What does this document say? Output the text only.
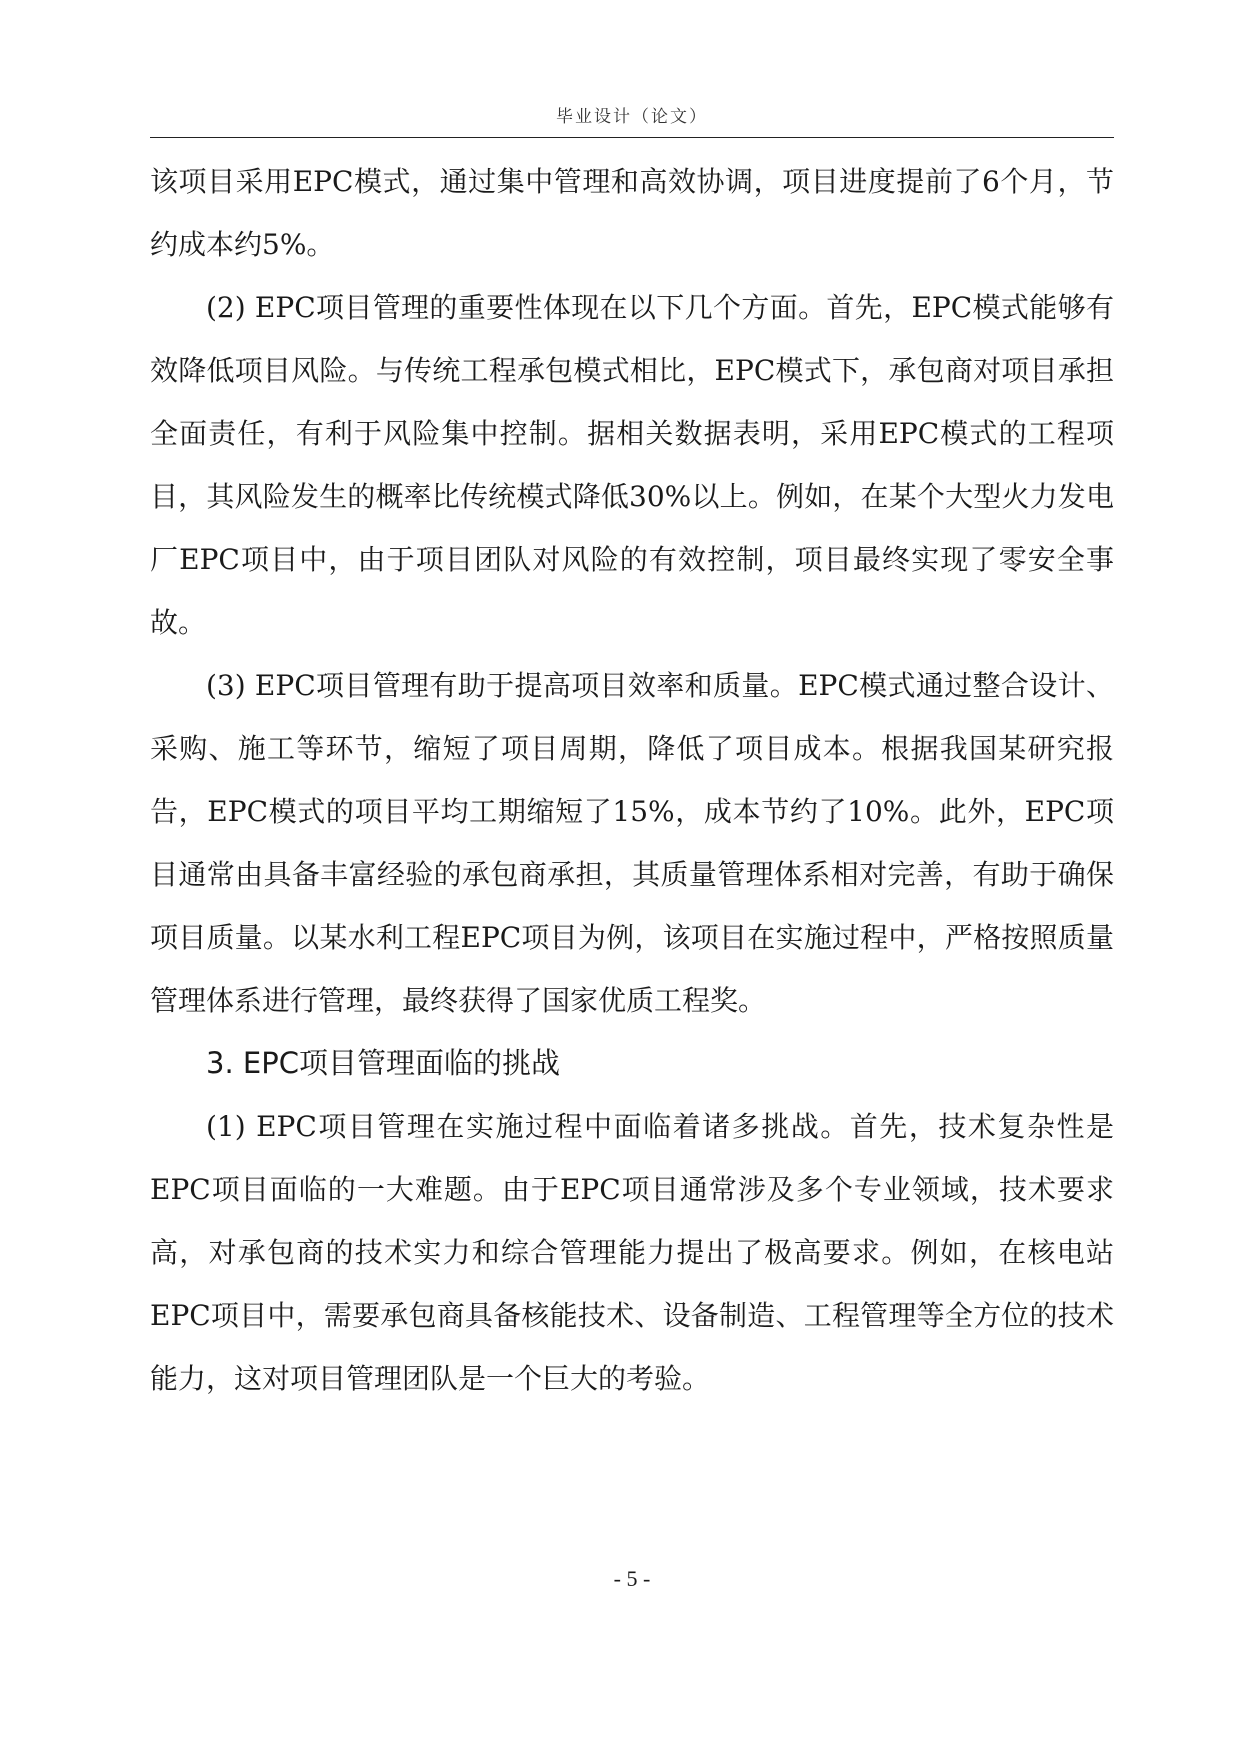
毕业设计（论文）

该项目采用EPC模式，通过集中管理和高效协调，项目进度提前了6个月，节约成本约5%。

(2) EPC项目管理的重要性体现在以下几个方面。首先，EPC模式能够有效降低项目风险。与传统工程承包模式相比，EPC模式下，承包商对项目承担全面责任，有利于风险集中控制。据相关数据表明，采用EPC模式的工程项目，其风险发生的概率比传统模式降低30%以上。例如，在某个大型火力发电厂EPC项目中，由于项目团队对风险的有效控制，项目最终实现了零安全事故。

(3) EPC项目管理有助于提高项目效率和质量。EPC模式通过整合设计、采购、施工等环节，缩短了项目周期，降低了项目成本。根据我国某研究报告，EPC模式的项目平均工期缩短了15%，成本节约了10%。此外，EPC项目通常由具备丰富经验的承包商承担，其质量管理体系相对完善，有助于确保项目质量。以某水利工程EPC项目为例，该项目在实施过程中，严格按照质量管理体系进行管理，最终获得了国家优质工程奖。

3. EPC项目管理面临的挑战

(1) EPC项目管理在实施过程中面临着诸多挑战。首先，技术复杂性是EPC项目面临的一大难题。由于EPC项目通常涉及多个专业领域，技术要求高，对承包商的技术实力和综合管理能力提出了极高要求。例如，在核电站EPC项目中，需要承包商具备核能技术、设备制造、工程管理等全方位的技术能力，这对项目管理团队是一个巨大的考验。

- 5 -
